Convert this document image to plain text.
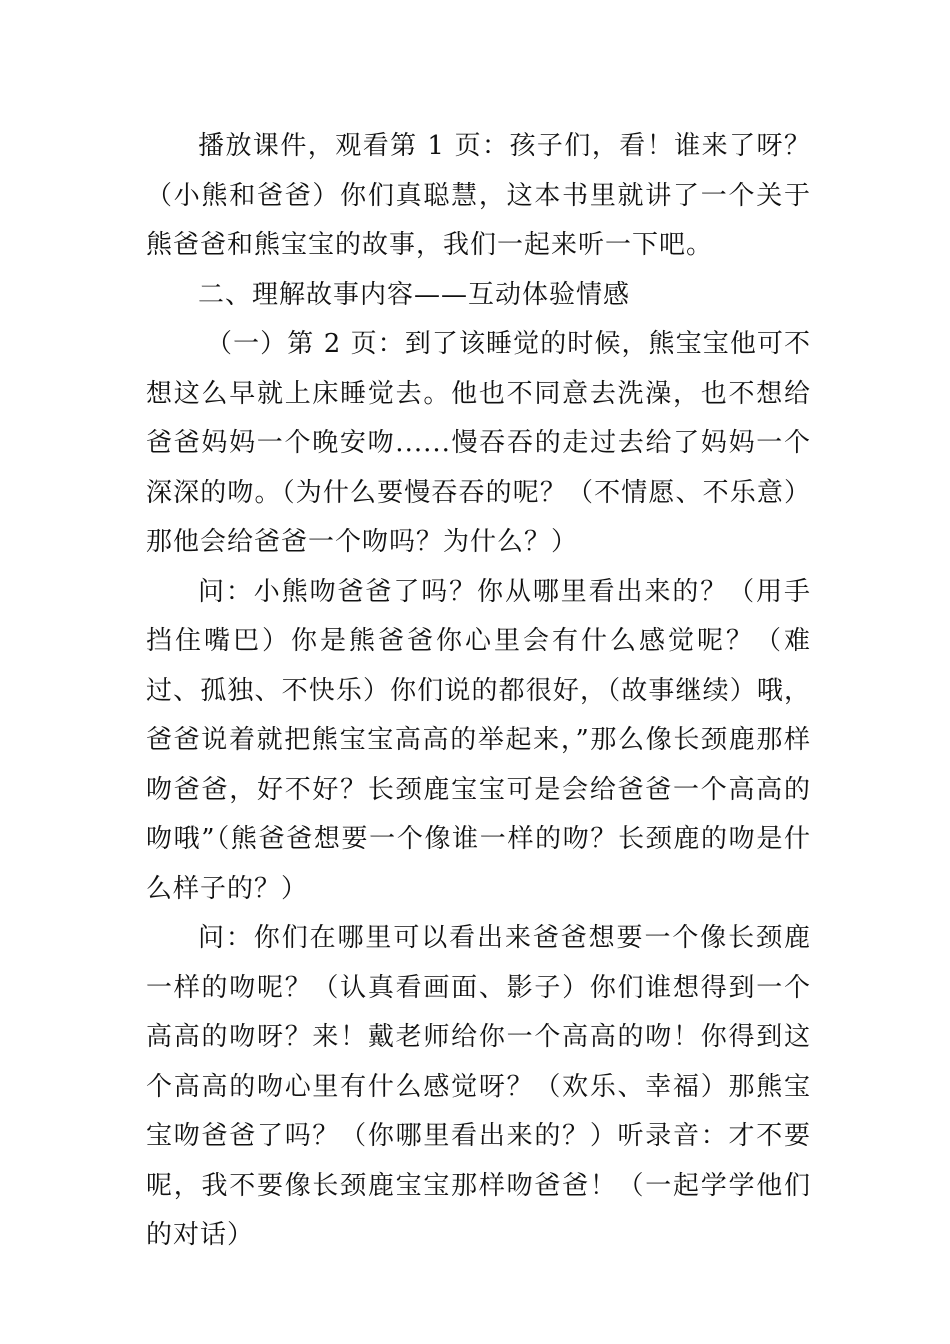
播放课件，观看第 1 页：孩子们，看！谁来了呀？（小熊和爸爸）你们真聪慧，这本书里就讲了一个关于熊爸爸和熊宝宝的故事，我们一起来听一下吧。

二、理解故事内容——互动体验情感

（一）第 2 页：到了该睡觉的时候，熊宝宝他可不想这么早就上床睡觉去。他也不同意去洗澡，也不想给爸爸妈妈一个晚安吻......慢吞吞的走过去给了妈妈一个深深的吻。（为什么要慢吞吞的呢？（不情愿、不乐意）那他会给爸爸一个吻吗？为什么？）

问：小熊吻爸爸了吗？你从哪里看出来的？（用手挡住嘴巴）你是熊爸爸你心里会有什么感觉呢？（难过、孤独、不快乐）你们说的都很好，（故事继续）哦，爸爸说着就把熊宝宝高高的举起来，”那么像长颈鹿那样吻爸爸，好不好？长颈鹿宝宝可是会给爸爸一个高高的吻哦”（熊爸爸想要一个像谁一样的吻？长颈鹿的吻是什么样子的？）

问：你们在哪里可以看出来爸爸想要一个像长颈鹿一样的吻呢？（认真看画面、影子）你们谁想得到一个高高的吻呀？来！戴老师给你一个高高的吻！你得到这个高高的吻心里有什么感觉呀？（欢乐、幸福）那熊宝宝吻爸爸了吗？（你哪里看出来的？）听录音：才不要呢，我不要像长颈鹿宝宝那样吻爸爸！（一起学学他们的对话）
